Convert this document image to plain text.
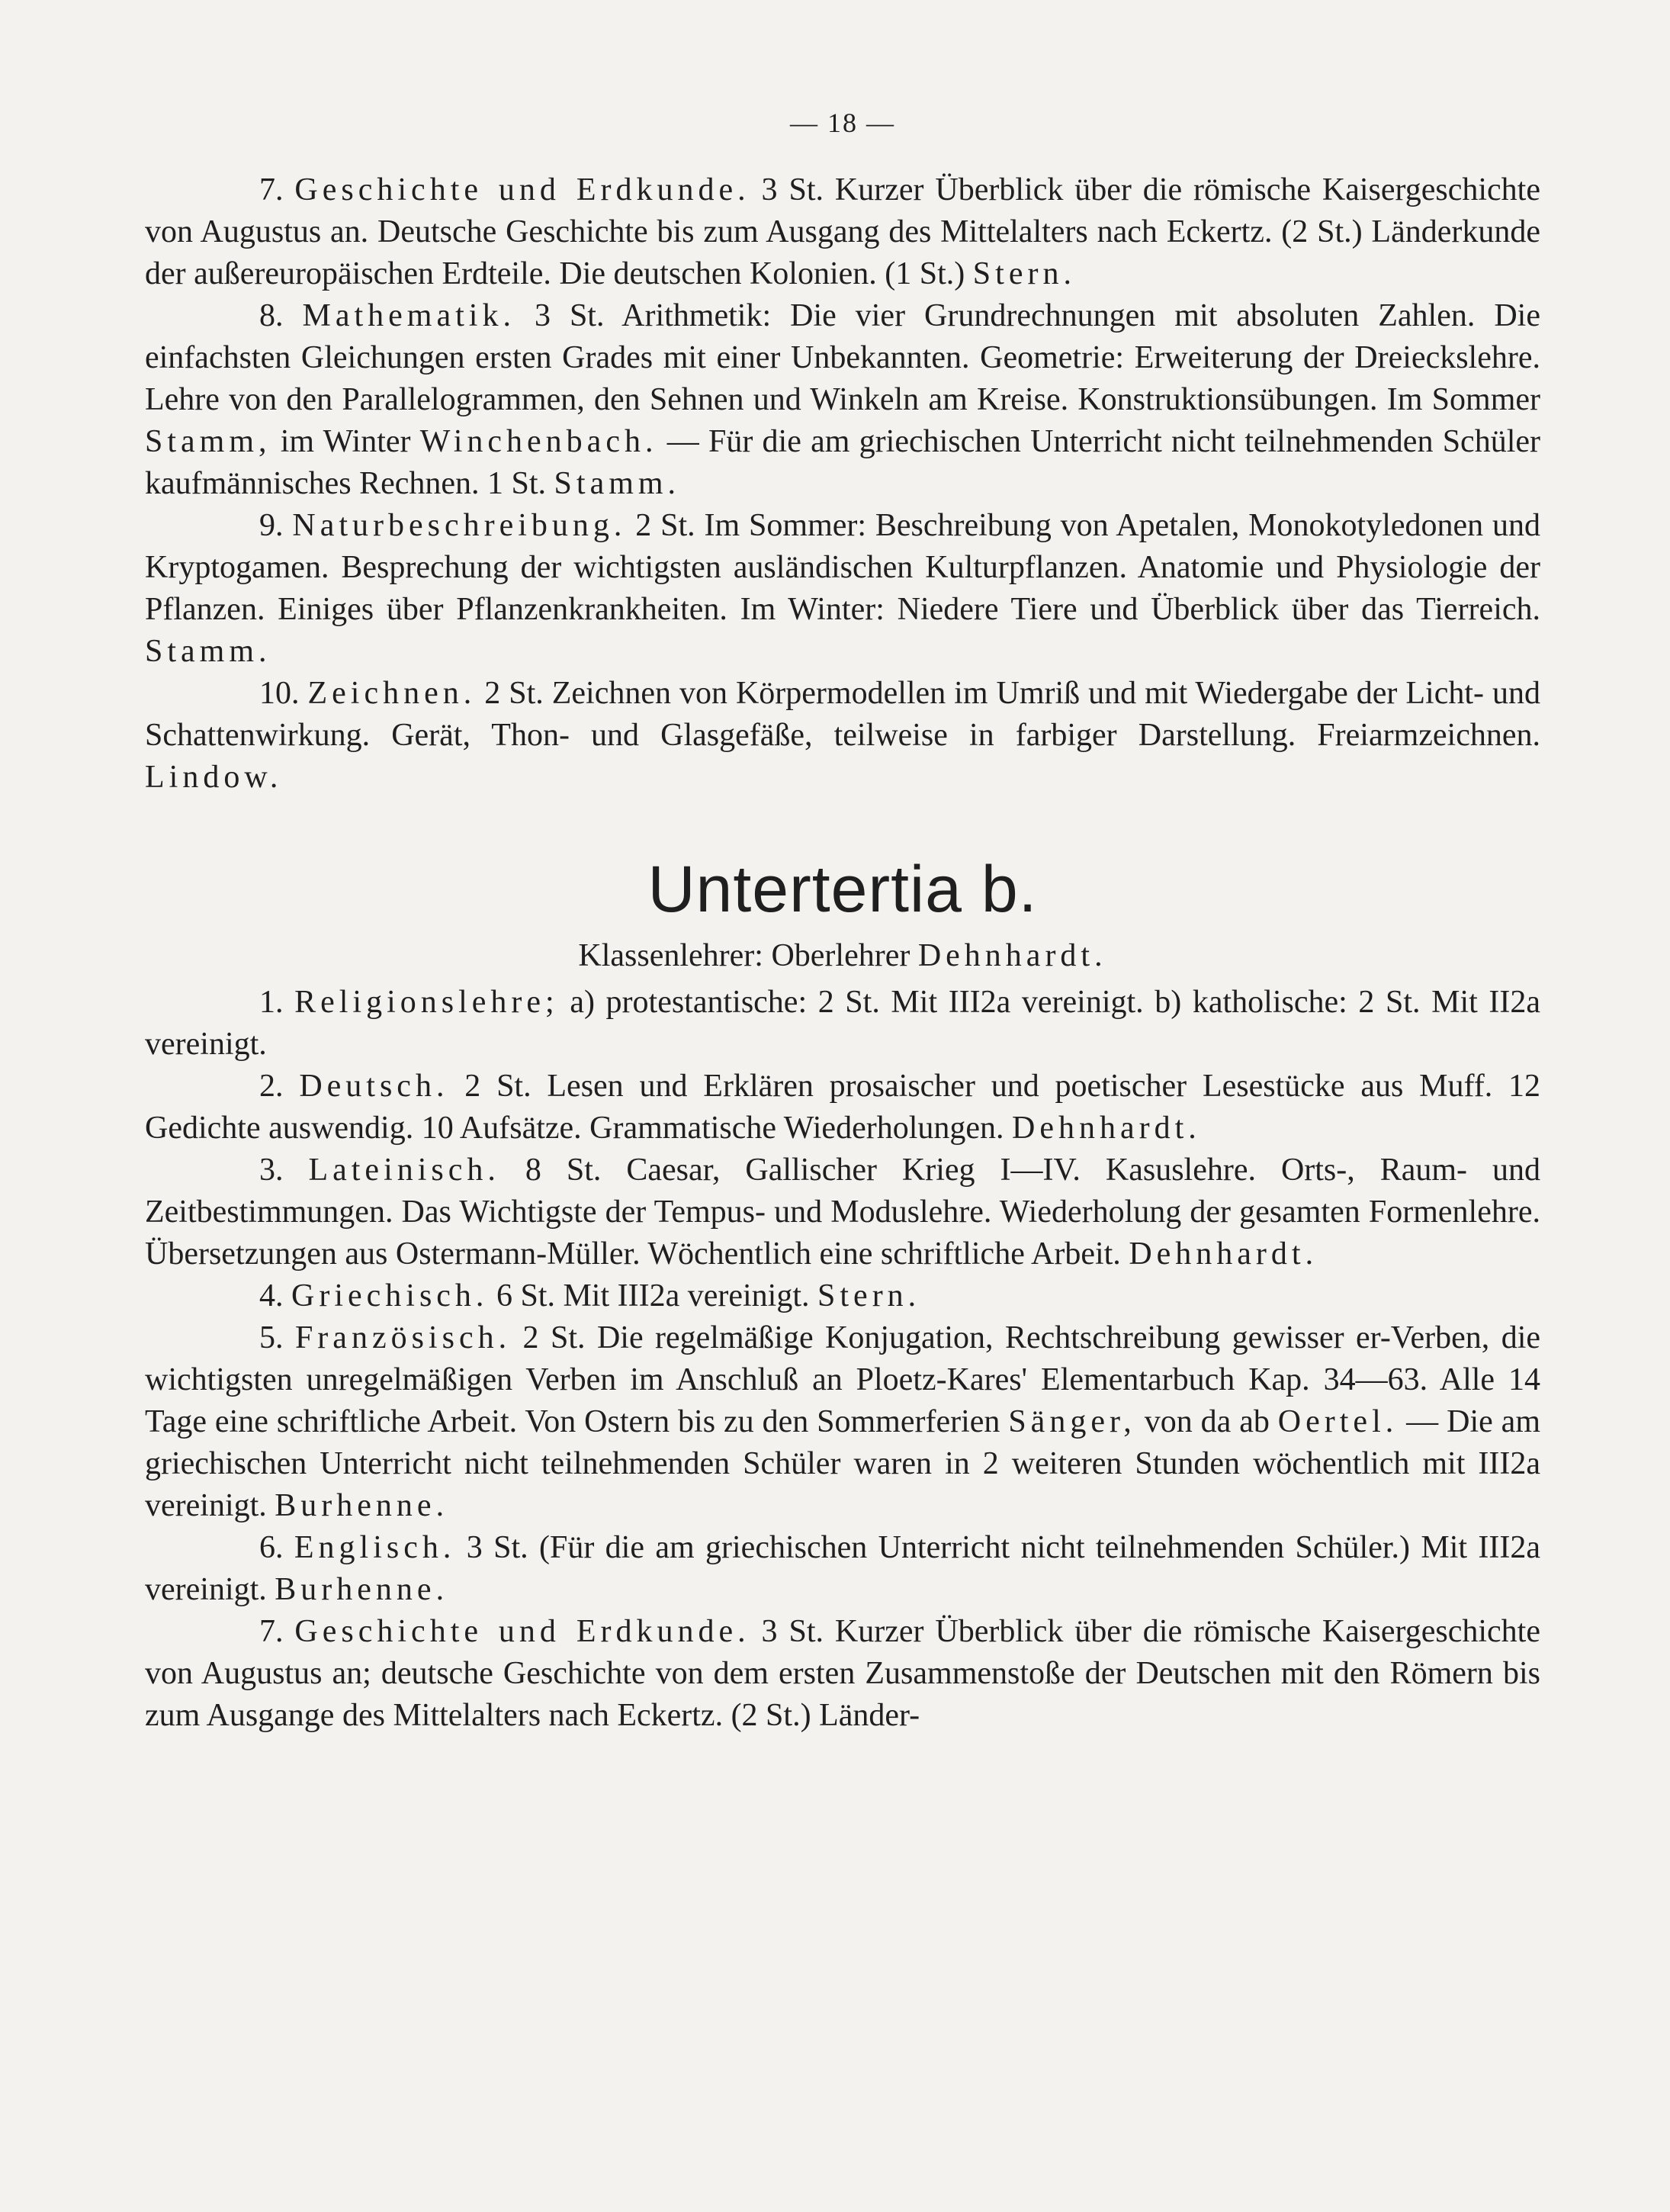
— 18 —

7. Geschichte und Erdkunde. 3 St. Kurzer Überblick über die römische Kaisergeschichte von Augustus an. Deutsche Geschichte bis zum Ausgang des Mittelalters nach Eckertz. (2 St.) Länderkunde der außereuropäischen Erdteile. Die deutschen Kolonien. (1 St.) Stern.

8. Mathematik. 3 St. Arithmetik: Die vier Grundrechnungen mit absoluten Zahlen. Die einfachsten Gleichungen ersten Grades mit einer Unbekannten. Geometrie: Erweiterung der Dreieckslehre. Lehre von den Parallelogrammen, den Sehnen und Winkeln am Kreise. Konstruktionsübungen. Im Sommer Stamm, im Winter Winchenbach. — Für die am griechischen Unterricht nicht teilnehmenden Schüler kaufmännisches Rechnen. 1 St. Stamm.

9. Naturbeschreibung. 2 St. Im Sommer: Beschreibung von Apetalen, Monokotyledonen und Kryptogamen. Besprechung der wichtigsten ausländischen Kulturpflanzen. Anatomie und Physiologie der Pflanzen. Einiges über Pflanzenkrankheiten. Im Winter: Niedere Tiere und Überblick über das Tierreich. Stamm.

10. Zeichnen. 2 St. Zeichnen von Körpermodellen im Umriß und mit Wiedergabe der Licht- und Schattenwirkung. Gerät, Thon- und Glasgefäße, teilweise in farbiger Darstellung. Freiarmzeichnen. Lindow.

Untertertia b.
Klassenlehrer: Oberlehrer Dehnhardt.

1. Religionslehre; a) protestantische: 2 St. Mit III2a vereinigt. b) katholische: 2 St. Mit II2a vereinigt.

2. Deutsch. 2 St. Lesen und Erklären prosaischer und poetischer Lesestücke aus Muff. 12 Gedichte auswendig. 10 Aufsätze. Grammatische Wiederholungen. Dehnhardt.

3. Lateinisch. 8 St. Caesar, Gallischer Krieg I—IV. Kasuslehre. Orts-, Raum- und Zeitbestimmungen. Das Wichtigste der Tempus- und Moduslehre. Wiederholung der gesamten Formenlehre. Übersetzungen aus Ostermann-Müller. Wöchentlich eine schriftliche Arbeit. Dehnhardt.

4. Griechisch. 6 St. Mit III2a vereinigt. Stern.

5. Französisch. 2 St. Die regelmäßige Konjugation, Rechtschreibung gewisser er-Verben, die wichtigsten unregelmäßigen Verben im Anschluß an Ploetz-Kares' Elementarbuch Kap. 34—63. Alle 14 Tage eine schriftliche Arbeit. Von Ostern bis zu den Sommerferien Sänger, von da ab Oertel. — Die am griechischen Unterricht nicht teilnehmenden Schüler waren in 2 weiteren Stunden wöchentlich mit III2a vereinigt. Burhenne.

6. Englisch. 3 St. (Für die am griechischen Unterricht nicht teilnehmenden Schüler.) Mit III2a vereinigt. Burhenne.

7. Geschichte und Erdkunde. 3 St. Kurzer Überblick über die römische Kaisergeschichte von Augustus an; deutsche Geschichte von dem ersten Zusammenstoße der Deutschen mit den Römern bis zum Ausgange des Mittelalters nach Eckertz. (2 St.) Länder-
